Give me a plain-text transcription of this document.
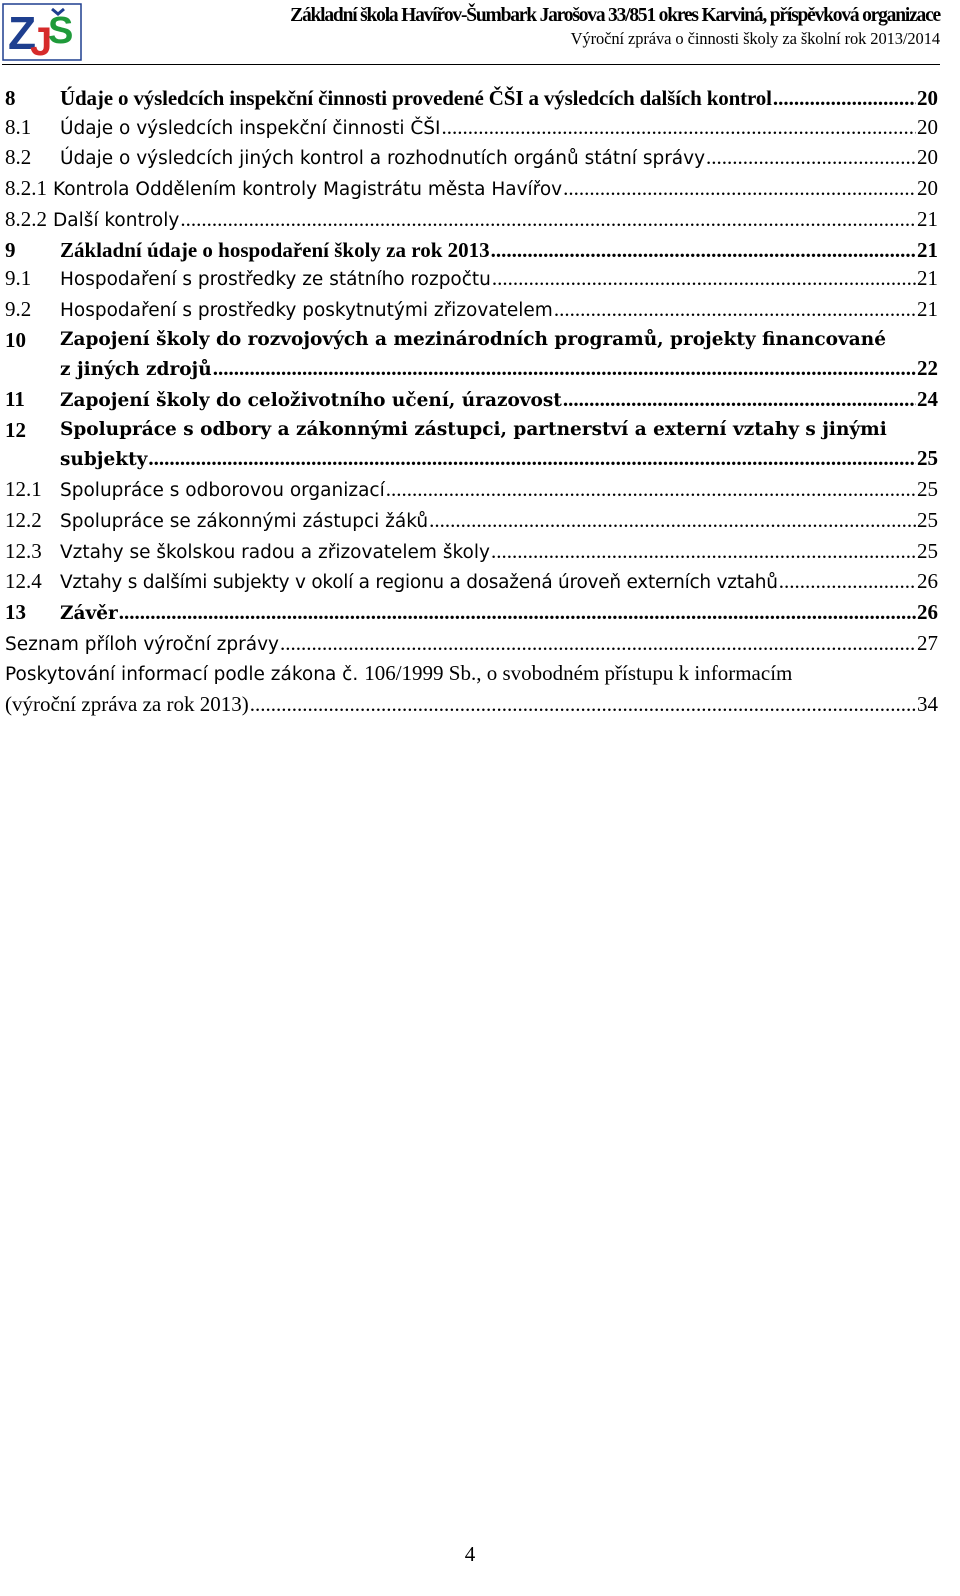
Z
J
S	Základní škola Havířov-Šumbark Jarošova 33/851 okres Karviná, příspěvková organizace
Výroční zpráva o činnosti školy za školní rok 2013/2014
8 Údaje o výsledcích inspekční činnosti provedené ČŠI a výsledcích dalších kontrol .....	20
8.1 Údaje o výsledcích inspekční činnosti ČŠI .....	20
8.2 Údaje o výsledcích jiných kontrol a rozhodnutích orgánů státní správy .....	20
8.2.1 Kontrola Oddělením kontroly Magistrátu města Havířov .....	20
8.2.2 Další kontroly .....	21
9 Základní údaje o hospodaření školy za rok 2013 .....	21
9.1 Hospodaření s prostředky ze státního rozpočtu .....	21
9.2 Hospodaření s prostředky poskytnutými zřizovatelem .....	21
10 Zapojení školy do rozvojových a mezinárodních programů, projekty financované
z jiných zdrojů .....	22
11 Zapojení školy do celoživotního učení, úrazovost .....	24
12 Spolupráce s odbory a zákonnými zástupci, partnerství a externí vztahy s jinými
subjekty .....	25
12.1 Spolupráce s odborovou organizací .....	25
12.2 Spolupráce se zákonnými zástupci žáků .....	25
12.3 Vztahy se školskou radou a zřizovatelem školy .....	25
12.4 Vztahy s dalšími subjekty v okolí a regionu a dosažená úroveň externích vztahů .....	26
13 Závěr .....	26
Seznam příloh výroční zprávy .....	27
Poskytování informací podle zákona č. 106/1999 Sb., o svobodném přístupu k informacím
(výroční zpráva za rok 2013) .....	34
4
